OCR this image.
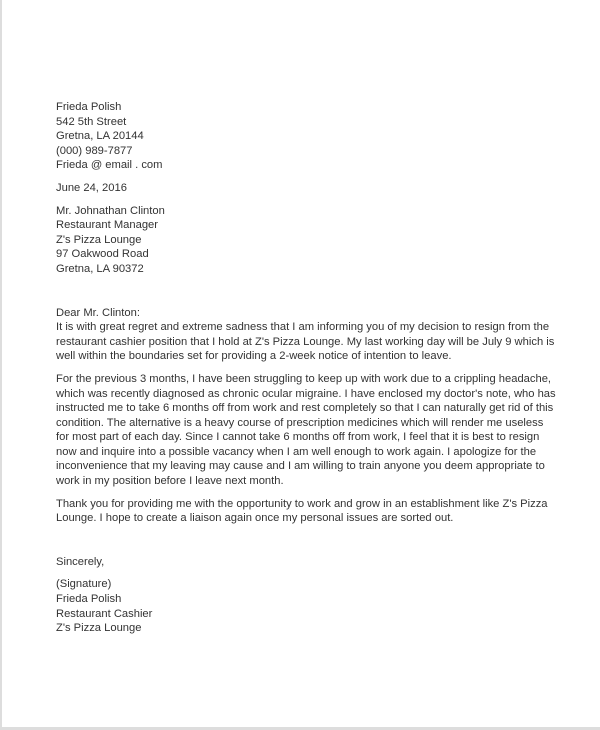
Frieda Polish
542 5th Street
Gretna, LA 20144
(000) 989-7877
Frieda @ email . com
June 24, 2016
Mr. Johnathan Clinton
Restaurant Manager
Z's Pizza Lounge
97 Oakwood Road
Gretna, LA 90372
Dear Mr. Clinton:

It is with great regret and extreme sadness that I am informing you of my decision to resign from the restaurant cashier position that I hold at Z's Pizza Lounge. My last working day will be July 9 which is well within the boundaries set for providing a 2-week notice of intention to leave.

For the previous 3 months, I have been struggling to keep up with work due to a crippling headache, which was recently diagnosed as chronic ocular migraine. I have enclosed my doctor's note, who has instructed me to take 6 months off from work and rest completely so that I can naturally get rid of this condition. The alternative is a heavy course of prescription medicines which will render me useless for most part of each day. Since I cannot take 6 months off from work, I feel that it is best to resign now and inquire into a possible vacancy when I am well enough to work again. I apologize for the inconvenience that my leaving may cause and I am willing to train anyone you deem appropriate to work in my position before I leave next month.

Thank you for providing me with the opportunity to work and grow in an establishment like Z's Pizza Lounge. I hope to create a liaison again once my personal issues are sorted out.

Sincerely,
(Signature)
Frieda Polish
Restaurant Cashier
Z's Pizza Lounge
